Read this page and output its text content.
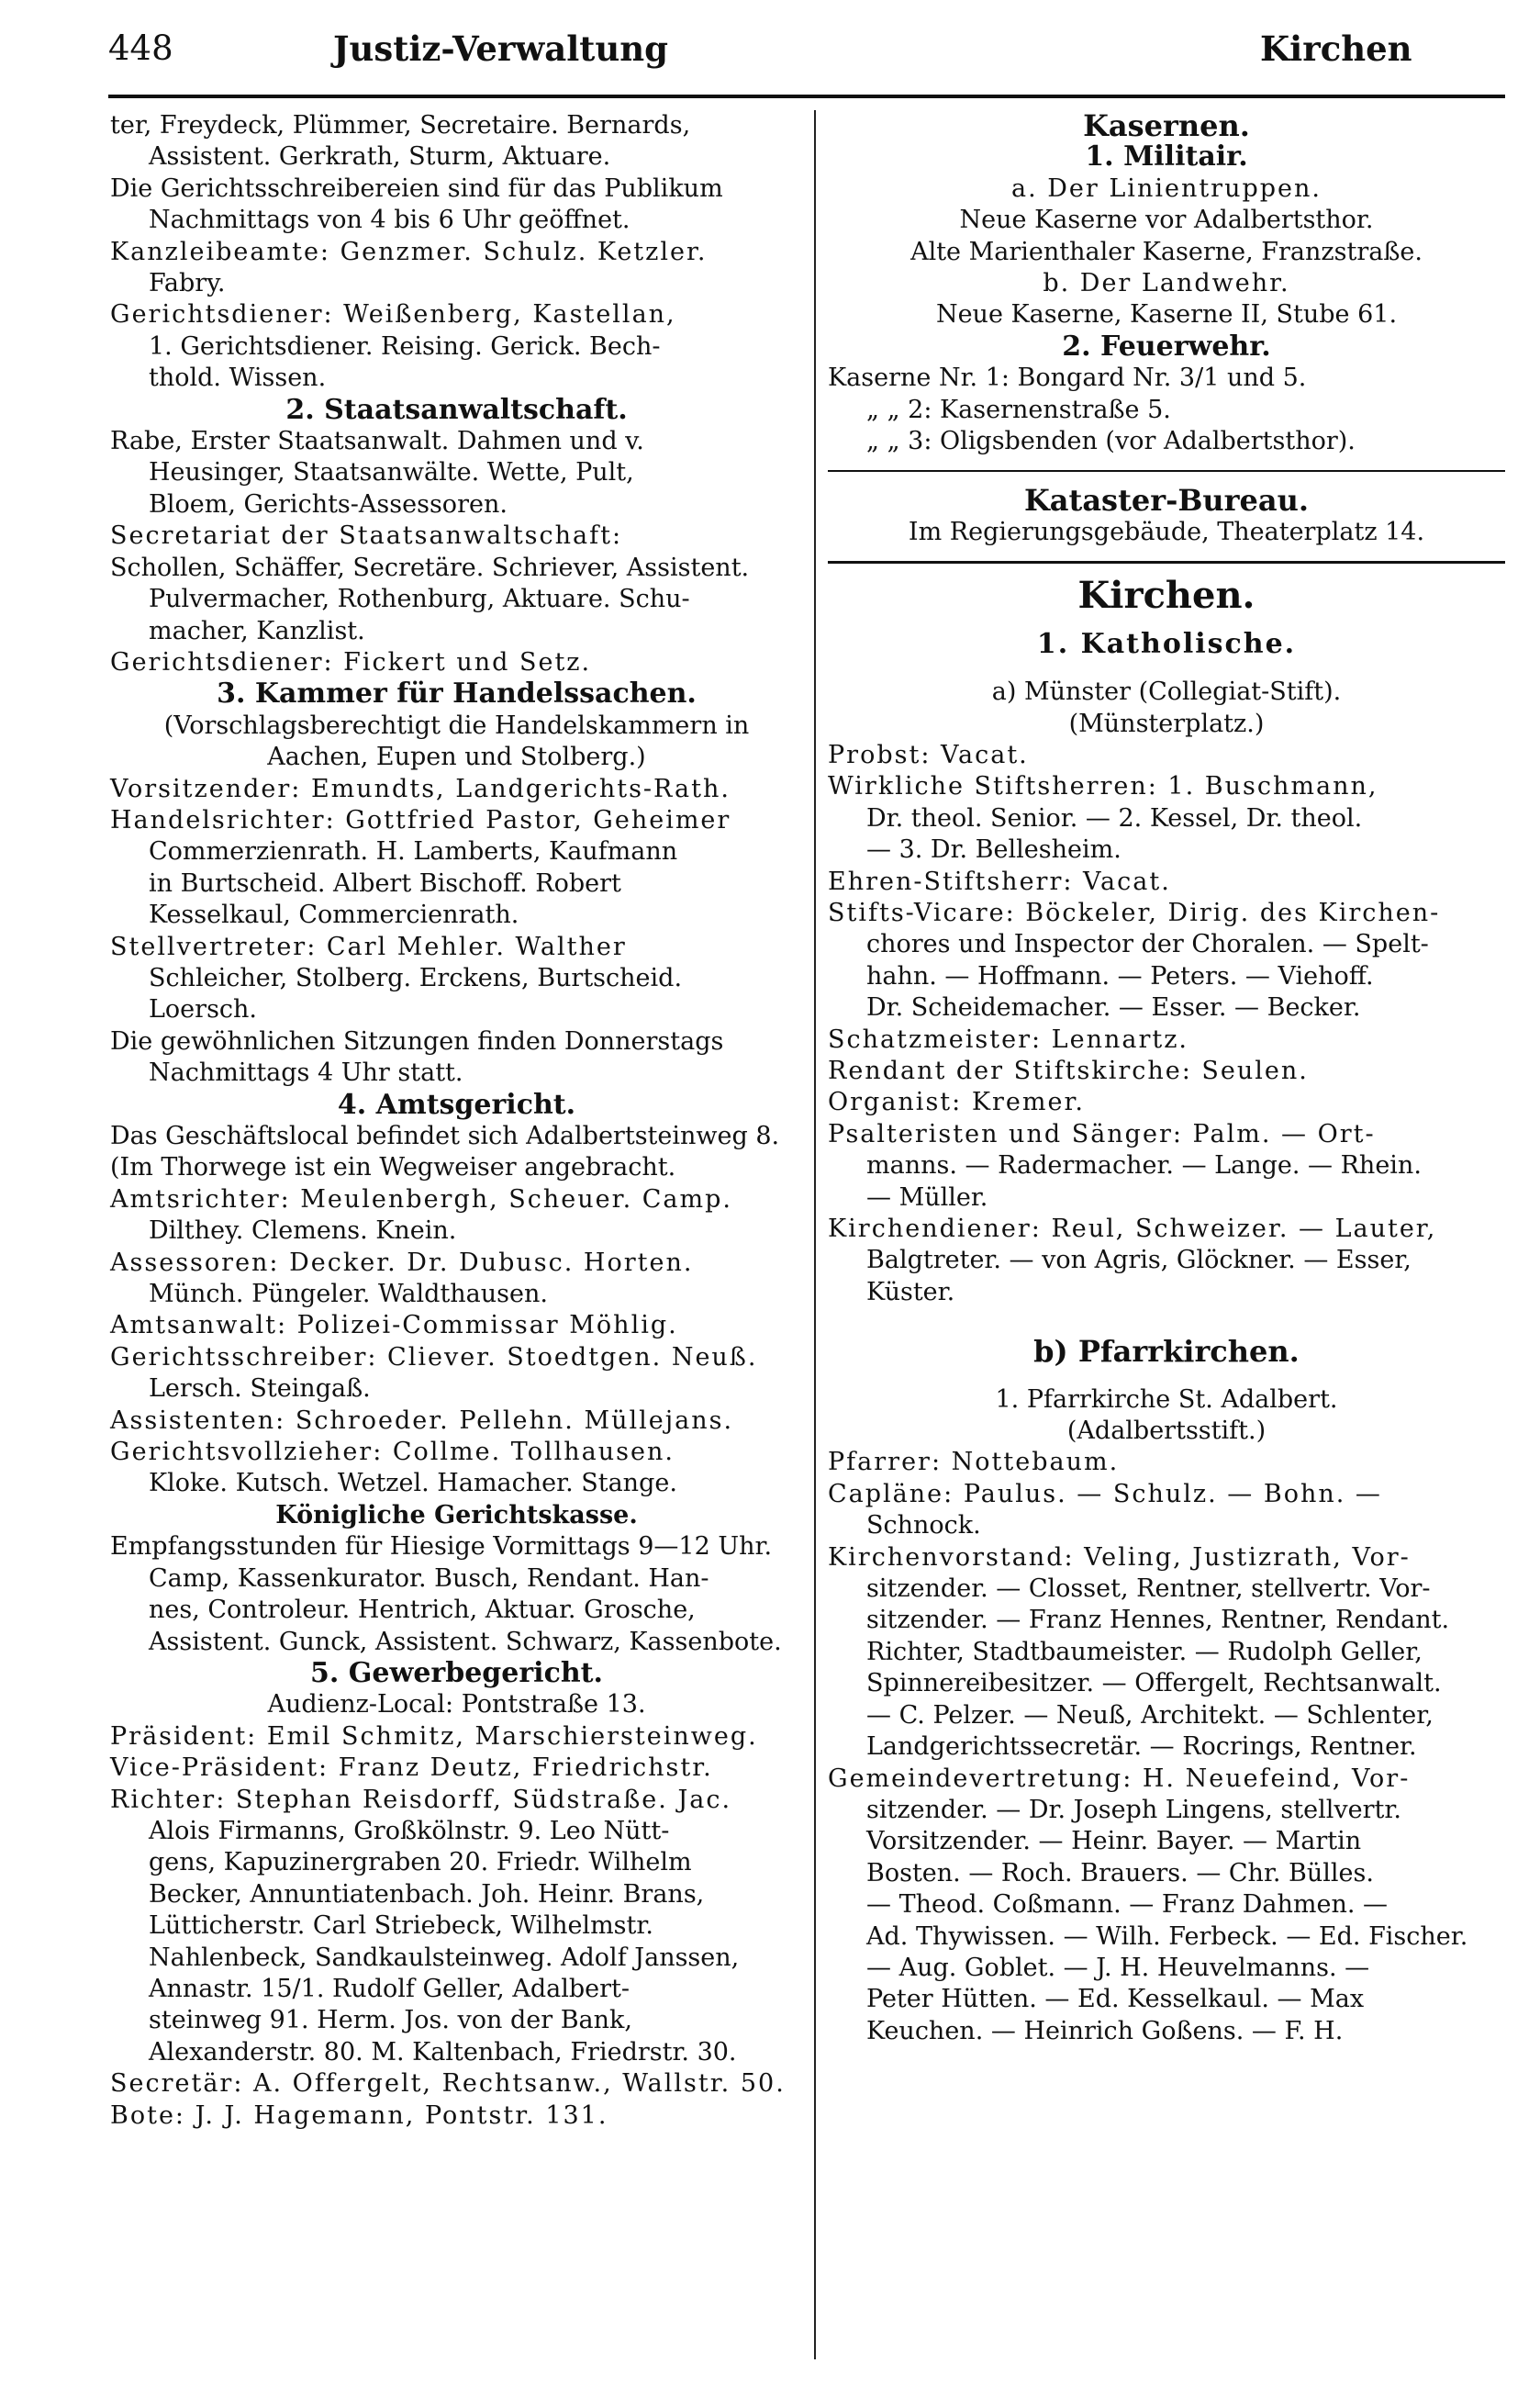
448	Justiz-Verwaltung	Kirchen
ter, Freydeck, Plümmer, Secretaire. Bernards,
Assistent. Gerkrath, Sturm, Aktuare.
Die Gerichtsschreibereien sind für das Publikum
Nachmittags von 4 bis 6 Uhr geöffnet.
Kanzleibeamte: Genzmer. Schulz. Ketzler.
Fabry.
Gerichtsdiener: Weißenberg, Kastellan,
1. Gerichtsdiener. Reising. Gerick. Bech-
thold. Wissen.
2. Staatsanwaltschaft.
Rabe, Erster Staatsanwalt. Dahmen und v.
Heusinger, Staatsanwälte. Wette, Pult,
Bloem, Gerichts-Assessoren.
Secretariat der Staatsanwaltschaft:
Schollen, Schäffer, Secretäre. Schriever, Assistent.
Pulvermacher, Rothenburg, Aktuare. Schu-
macher, Kanzlist.
Gerichtsdiener: Fickert und Setz.
3. Kammer für Handelssachen.
(Vorschlagsberechtigt die Handelskammern in
Aachen, Eupen und Stolberg.)
Vorsitzender: Emundts, Landgerichts-Rath.
Handelsrichter: Gottfried Pastor, Geheimer
Commerzienrath. H. Lamberts, Kaufmann
in Burtscheid. Albert Bischoff. Robert
Kesselkaul, Commercienrath.
Stellvertreter: Carl Mehler. Walther
Schleicher, Stolberg. Erckens, Burtscheid.
Loersch.
Die gewöhnlichen Sitzungen finden Donnerstags
Nachmittags 4 Uhr statt.
4. Amtsgericht.
Das Geschäftslocal befindet sich Adalbertsteinweg 8.
(Im Thorwege ist ein Wegweiser angebracht.
Amtsrichter: Meulenbergh, Scheuer. Camp.
Dilthey. Clemens. Knein.
Assessoren: Decker. Dr. Dubusc. Horten.
Münch. Püngeler. Waldthausen.
Amtsanwalt: Polizei-Commissar Möhlig.
Gerichtsschreiber: Cliever. Stoedtgen. Neuß.
Lersch. Steingaß.
Assistenten: Schroeder. Pellehn. Müllejans.
Gerichtsvollzieher: Collme. Tollhausen.
Kloke. Kutsch. Wetzel. Hamacher. Stange.
Königliche Gerichtskasse.
Empfangsstunden für Hiesige Vormittags 9—12 Uhr.
Camp, Kassenkurator. Busch, Rendant. Han-
nes, Controleur. Hentrich, Aktuar. Grosche,
Assistent. Gunck, Assistent. Schwarz, Kassenbote.
5. Gewerbegericht.
Audienz-Local: Pontstraße 13.
Präsident: Emil Schmitz, Marschiersteinweg.
Vice-Präsident: Franz Deutz, Friedrichstr.
Richter: Stephan Reisdorff, Südstraße. Jac.
Alois Firmanns, Großkölnstr. 9. Leo Nütt-
gens, Kapuzinergraben 20. Friedr. Wilhelm
Becker, Annuntiatenbach. Joh. Heinr. Brans,
Lütticherstr. Carl Striebeck, Wilhelmstr.
Nahlenbeck, Sandkaulsteinweg. Adolf Janssen,
Annastr. 15/1. Rudolf Geller, Adalbert-
steinweg 91. Herm. Jos. von der Bank,
Alexanderstr. 80. M. Kaltenbach, Friedrstr. 30.
Secretär: A. Offergelt, Rechtsanw., Wallstr. 50.
Bote: J. J. Hagemann, Pontstr. 131.
Kasernen.
1. Militair.
a. Der Linientruppen.
Neue Kaserne vor Adalbertsthor.
Alte Marienthaler Kaserne, Franzstraße.
b. Der Landwehr.
Neue Kaserne, Kaserne II, Stube 61.
2. Feuerwehr.
Kaserne Nr. 1: Bongard Nr. 3/1 und 5.
„ „ 2: Kasernenstraße 5.
„ „ 3: Oligsbenden (vor Adalbertsthor).
Kataster-Bureau.
Im Regierungsgebäude, Theaterplatz 14.
Kirchen.
1. Katholische.
a) Münster (Collegiat-Stift).
(Münsterplatz.)
Probst: Vacat.
Wirkliche Stiftsherren: 1. Buschmann,
Dr. theol. Senior. — 2. Kessel, Dr. theol.
— 3. Dr. Bellesheim.
Ehren-Stiftsherr: Vacat.
Stifts-Vicare: Böckeler, Dirig. des Kirchen-
chores und Inspector der Choralen. — Spelt-
hahn. — Hoffmann. — Peters. — Viehoff.
Dr. Scheidemacher. — Esser. — Becker.
Schatzmeister: Lennartz.
Rendant der Stiftskirche: Seulen.
Organist: Kremer.
Psalteristen und Sänger: Palm. — Ort-
manns. — Radermacher. — Lange. — Rhein.
— Müller.
Kirchendiener: Reul, Schweizer. — Lauter,
Balgtreter. — von Agris, Glöckner. — Esser,
Küster.
b) Pfarrkirchen.
1. Pfarrkirche St. Adalbert.
(Adalbertsstift.)
Pfarrer: Nottebaum.
Capläne: Paulus. — Schulz. — Bohn. —
Schnock.
Kirchenvorstand: Veling, Justizrath, Vor-
sitzender. — Closset, Rentner, stellvertr. Vor-
sitzender. — Franz Hennes, Rentner, Rendant.
Richter, Stadtbaumeister. — Rudolph Geller,
Spinnereibesitzer. — Offergelt, Rechtsanwalt.
— C. Pelzer. — Neuß, Architekt. — Schlenter,
Landgerichtssecretär. — Rocrings, Rentner.
Gemeindevertretung: H. Neuefeind, Vor-
sitzender. — Dr. Joseph Lingens, stellvertr.
Vorsitzender. — Heinr. Bayer. — Martin
Bosten. — Roch. Brauers. — Chr. Bülles.
— Theod. Coßmann. — Franz Dahmen. —
Ad. Thywissen. — Wilh. Ferbeck. — Ed. Fischer.
— Aug. Goblet. — J. H. Heuvelmanns. —
Peter Hütten. — Ed. Kesselkaul. — Max
Keuchen. — Heinrich Goßens. — F. H.
